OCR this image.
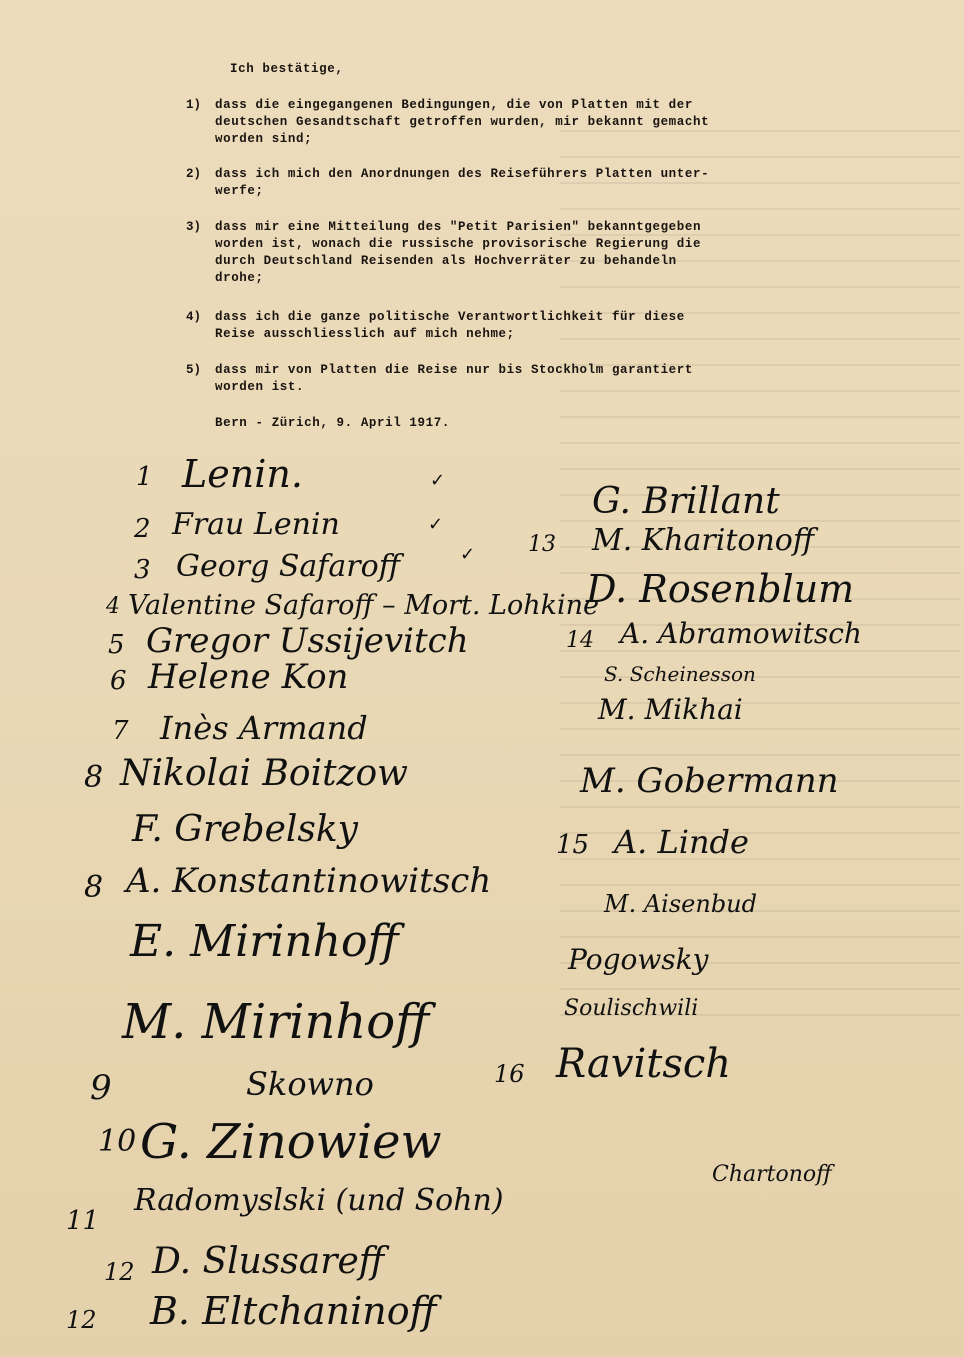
Ich bestätige,
1) dass die eingegangenen Bedingungen, die von Platten mit der
deutschen Gesandtschaft getroffen wurden, mir bekannt gemacht
worden sind;
2) dass ich mich den Anordnungen des Reiseführers Platten unter-
werfe;
3) dass mir eine Mitteilung des "Petit Parisien" bekanntgegeben
worden ist, wonach die russische provisorische Regierung die
durch Deutschland Reisenden als Hochverräter zu behandeln
drohe;
4) dass ich die ganze politische Verantwortlichkeit für diese
Reise ausschliesslich auf mich nehme;
5) dass mir von Platten die Reise nur bis Stockholm garantiert
worden ist.
Bern - Zürich, 9. April 1917.
1 Lenin.	✓
2 Frau Lenin	✓
3 Georg Safaroff	✓
4 Valentine Safaroff – Mort. Lohkine
5 Gregor Ussijevitch
6 Helene Kon
7 Inès Armand
8 Nikolai Boitzow
F. Grebelsky
8 A. Konstantinowitsch
E. Mirinhoff
M. Mirinhoff
9	Skowno
10 G. Zinowiew
11
Radomyslski (und Sohn)
12 D. Slussareff
12 B. Eltchaninoff
G. Brillant
13 M. Kharitonoff
D. Rosenblum
14 A. Abramowitsch
S. Scheinesson
M. Mikhai
M. Gobermann
15 A. Linde
M. Aisenbud
Pogowsky
Soulischwili
16 Ravitsch
Chartonoff
